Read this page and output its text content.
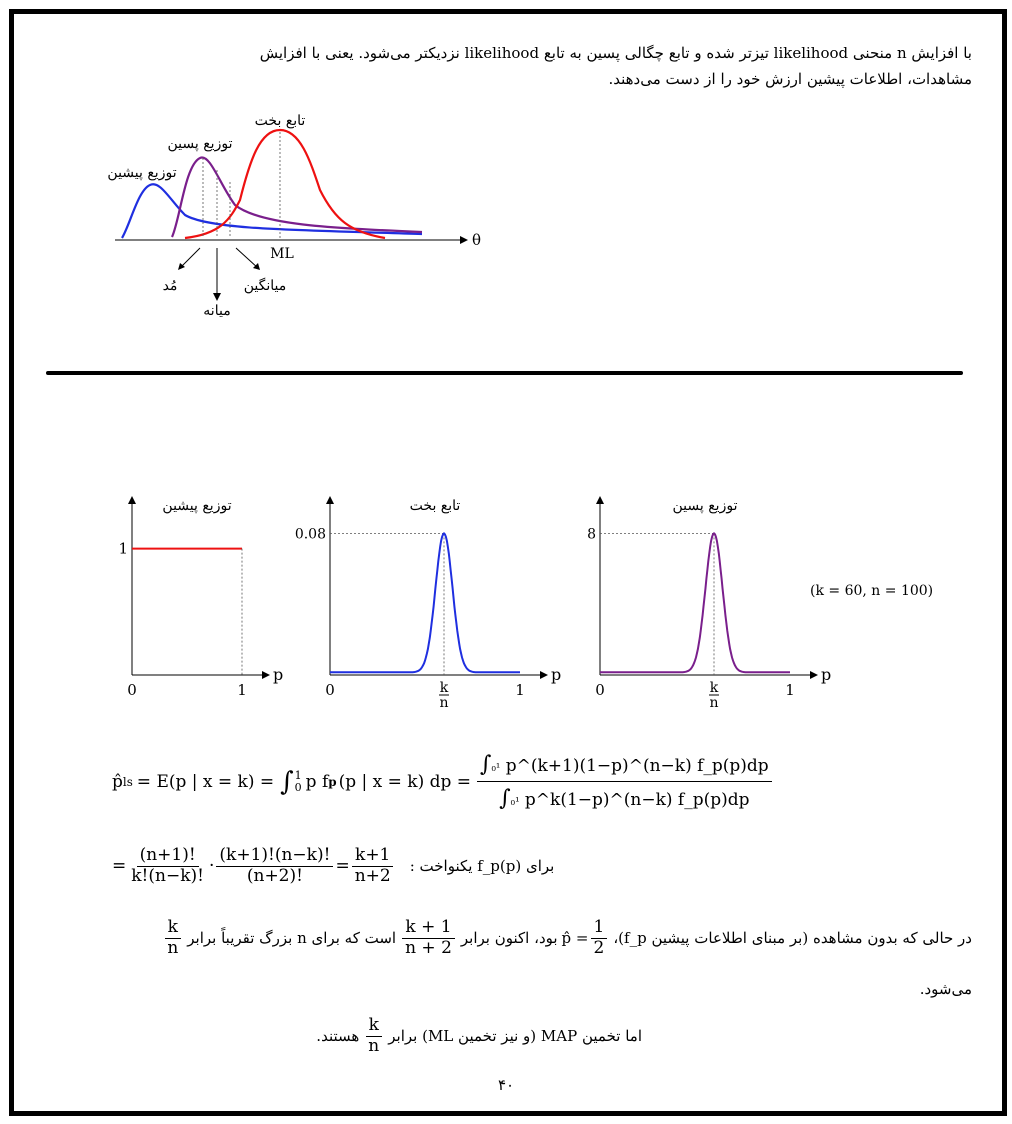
با افزایش n منحنی likelihood تیزتر شده و تابع چگالی پسین به تابع likelihood نزدیکتر می‌شود. یعنی با افزایش

مشاهدات، اطلاعات پیشین ارزش خود را از دست می‌دهند.

θ
تابع بخت
توزیع پسین
توزیع پیشین
ML
مُد	میانگین
میانه
p
توزیع پیشین
0	1
1
p
تابع بخت
0	k
n
1
0.08
p
توزیع پسین
0	k
n
1
8
(k = 60, n = 100)
p̂ ls = E(p | x = k) = ∫ 1
0 p f p (p | x = k) dp = $\frac{\text{∫₀¹ p\textasciicircum{}(k+1)(1−p)\textasciicircum{}(n−k) f\_p(p)dp}}{\text{∫₀¹ p\textasciicircum{}k(1−p)\textasciicircum{}(n−k) f\_p(p)dp}}$
= $\frac{(n+1)!}{k!(n-k)!} \cdot \frac{(k+1)!(n-k)!}{(n+2)!} = \frac{k+1}{n+2}$ برای f_p(p) یکنواخت :
در حالی که بدون مشاهده (بر مبنای اطلاعات پیشین f_p)،
p̂ = $\frac{1}{2}$
بود، اکنون برابر
$\frac{k + 1}{n + 2}$
است که برای n بزرگ تقریباً برابر
$\frac{k}{n}$
می‌شود.
اما تخمین MAP (و نیز تخمین ML) برابر
$\frac{k}{n}$
هستند.
۴۰
